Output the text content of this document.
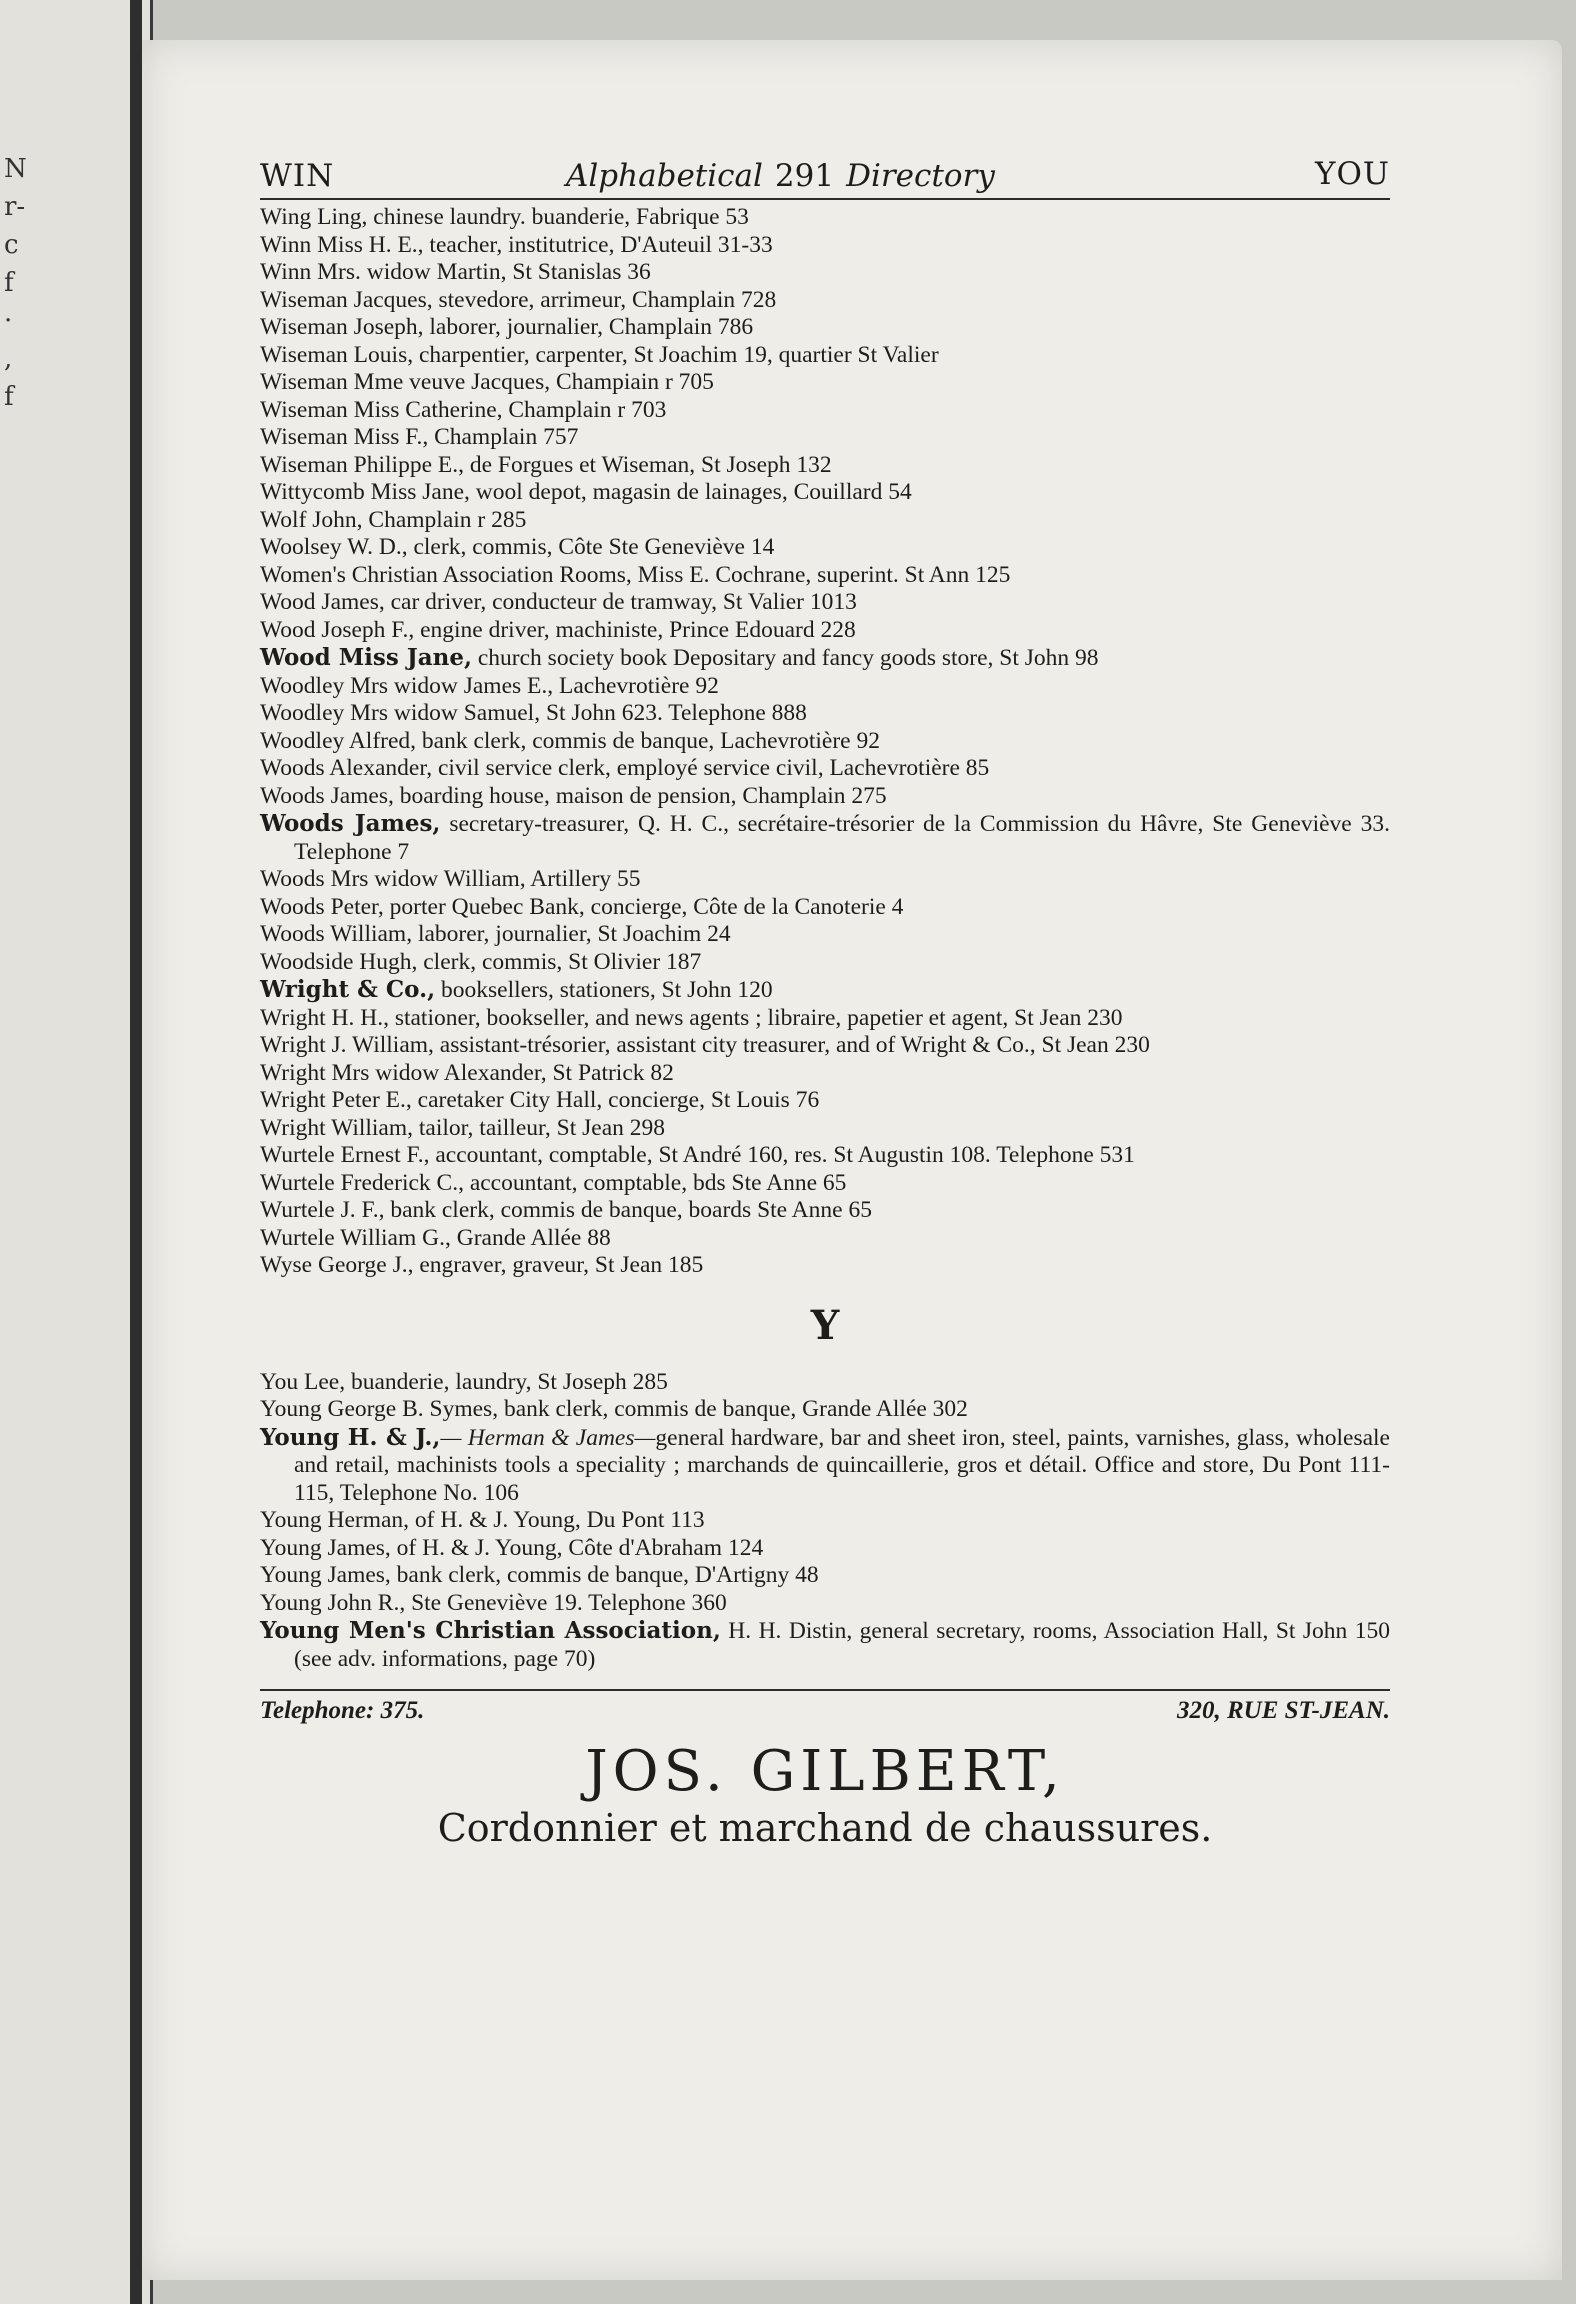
N
r-
c
f
·
,
f
WIN	Alphabetical 291 Directory	YOU
Wing Ling, chinese laundry. buanderie, Fabrique 53
Winn Miss H. E., teacher, institutrice, D'Auteuil 31-33
Winn Mrs. widow Martin, St Stanislas 36
Wiseman Jacques, stevedore, arrimeur, Champlain 728
Wiseman Joseph, laborer, journalier, Champlain 786
Wiseman Louis, charpentier, carpenter, St Joachim 19, quartier St Valier
Wiseman Mme veuve Jacques, Champiain r 705
Wiseman Miss Catherine, Champlain r 703
Wiseman Miss F., Champlain 757
Wiseman Philippe E., de Forgues et Wiseman, St Joseph 132
Wittycomb Miss Jane, wool depot, magasin de lainages, Couillard 54
Wolf John, Champlain r 285
Woolsey W. D., clerk, commis, Côte Ste Geneviève 14
Women's Christian Association Rooms, Miss E. Cochrane, superint. St Ann 125
Wood James, car driver, conducteur de tramway, St Valier 1013
Wood Joseph F., engine driver, machiniste, Prince Edouard 228
Wood Miss Jane, church society book Depositary and fancy goods store, St John 98
Woodley Mrs widow James E., Lachevrotière 92
Woodley Mrs widow Samuel, St John 623. Telephone 888
Woodley Alfred, bank clerk, commis de banque, Lachevrotière 92
Woods Alexander, civil service clerk, employé service civil, Lachevrotière 85
Woods James, boarding house, maison de pension, Champlain 275
Woods James, secretary-treasurer, Q. H. C., secrétaire-trésorier de la Commission du Hâvre, Ste Geneviève 33. Telephone 7
Woods Mrs widow William, Artillery 55
Woods Peter, porter Quebec Bank, concierge, Côte de la Canoterie 4
Woods William, laborer, journalier, St Joachim 24
Woodside Hugh, clerk, commis, St Olivier 187
Wright & Co., booksellers, stationers, St John 120
Wright H. H., stationer, bookseller, and news agents ; libraire, papetier et agent, St Jean 230
Wright J. William, assistant-trésorier, assistant city treasurer, and of Wright & Co., St Jean 230
Wright Mrs widow Alexander, St Patrick 82
Wright Peter E., caretaker City Hall, concierge, St Louis 76
Wright William, tailor, tailleur, St Jean 298
Wurtele Ernest F., accountant, comptable, St André 160, res. St Augustin 108. Telephone 531
Wurtele Frederick C., accountant, comptable, bds Ste Anne 65
Wurtele J. F., bank clerk, commis de banque, boards Ste Anne 65
Wurtele William G., Grande Allée 88
Wyse George J., engraver, graveur, St Jean 185
Y
You Lee, buanderie, laundry, St Joseph 285
Young George B. Symes, bank clerk, commis de banque, Grande Allée 302
Young H. & J.,— Herman & James—general hardware, bar and sheet iron, steel, paints, varnishes, glass, wholesale and retail, machinists tools a speciality ; marchands de quincaillerie, gros et détail. Office and store, Du Pont 111-115, Telephone No. 106
Young Herman, of H. & J. Young, Du Pont 113
Young James, of H. & J. Young, Côte d'Abraham 124
Young James, bank clerk, commis de banque, D'Artigny 48
Young John R., Ste Geneviève 19. Telephone 360
Young Men's Christian Association, H. H. Distin, general secretary, rooms, Association Hall, St John 150 (see adv. informations, page 70)
Telephone: 375.	320, RUE ST-JEAN.
JOS. GILBERT,
Cordonnier et marchand de chaussures.
